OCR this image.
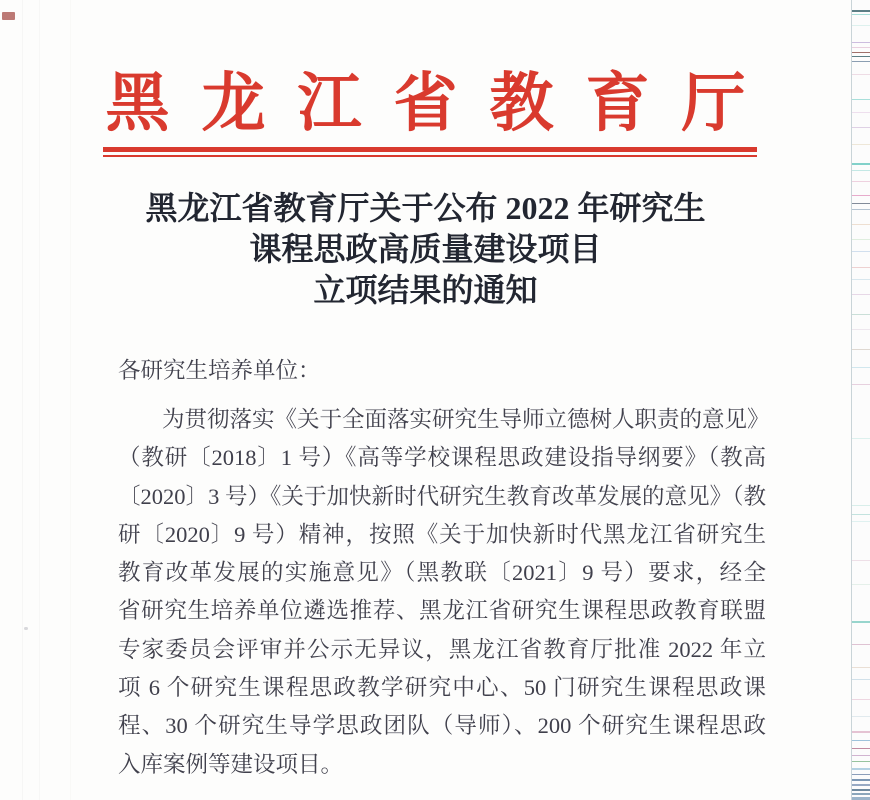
黑龙江省教育厅
黑龙江省教育厅关于公布 2022 年研究生
课程思政高质量建设项目
立项结果的通知
各研究生培养单位：
为贯彻落实《关于全面落实研究生导师立德树人职责的意见》
（教研〔2018〕1 号）《高等学校课程思政建设指导纲要》（教高
〔2020〕3 号）《关于加快新时代研究生教育改革发展的意见》（教
研〔2020〕9 号）精神，按照《关于加快新时代黑龙江省研究生
教育改革发展的实施意见》（黑教联〔2021〕9 号）要求，经全
省研究生培养单位遴选推荐、黑龙江省研究生课程思政教育联盟
专家委员会评审并公示无异议，黑龙江省教育厅批准 2022 年立
项 6 个研究生课程思政教学研究中心、50 门研究生课程思政课
程、30 个研究生导学思政团队（导师）、200 个研究生课程思政
入库案例等建设项目。
